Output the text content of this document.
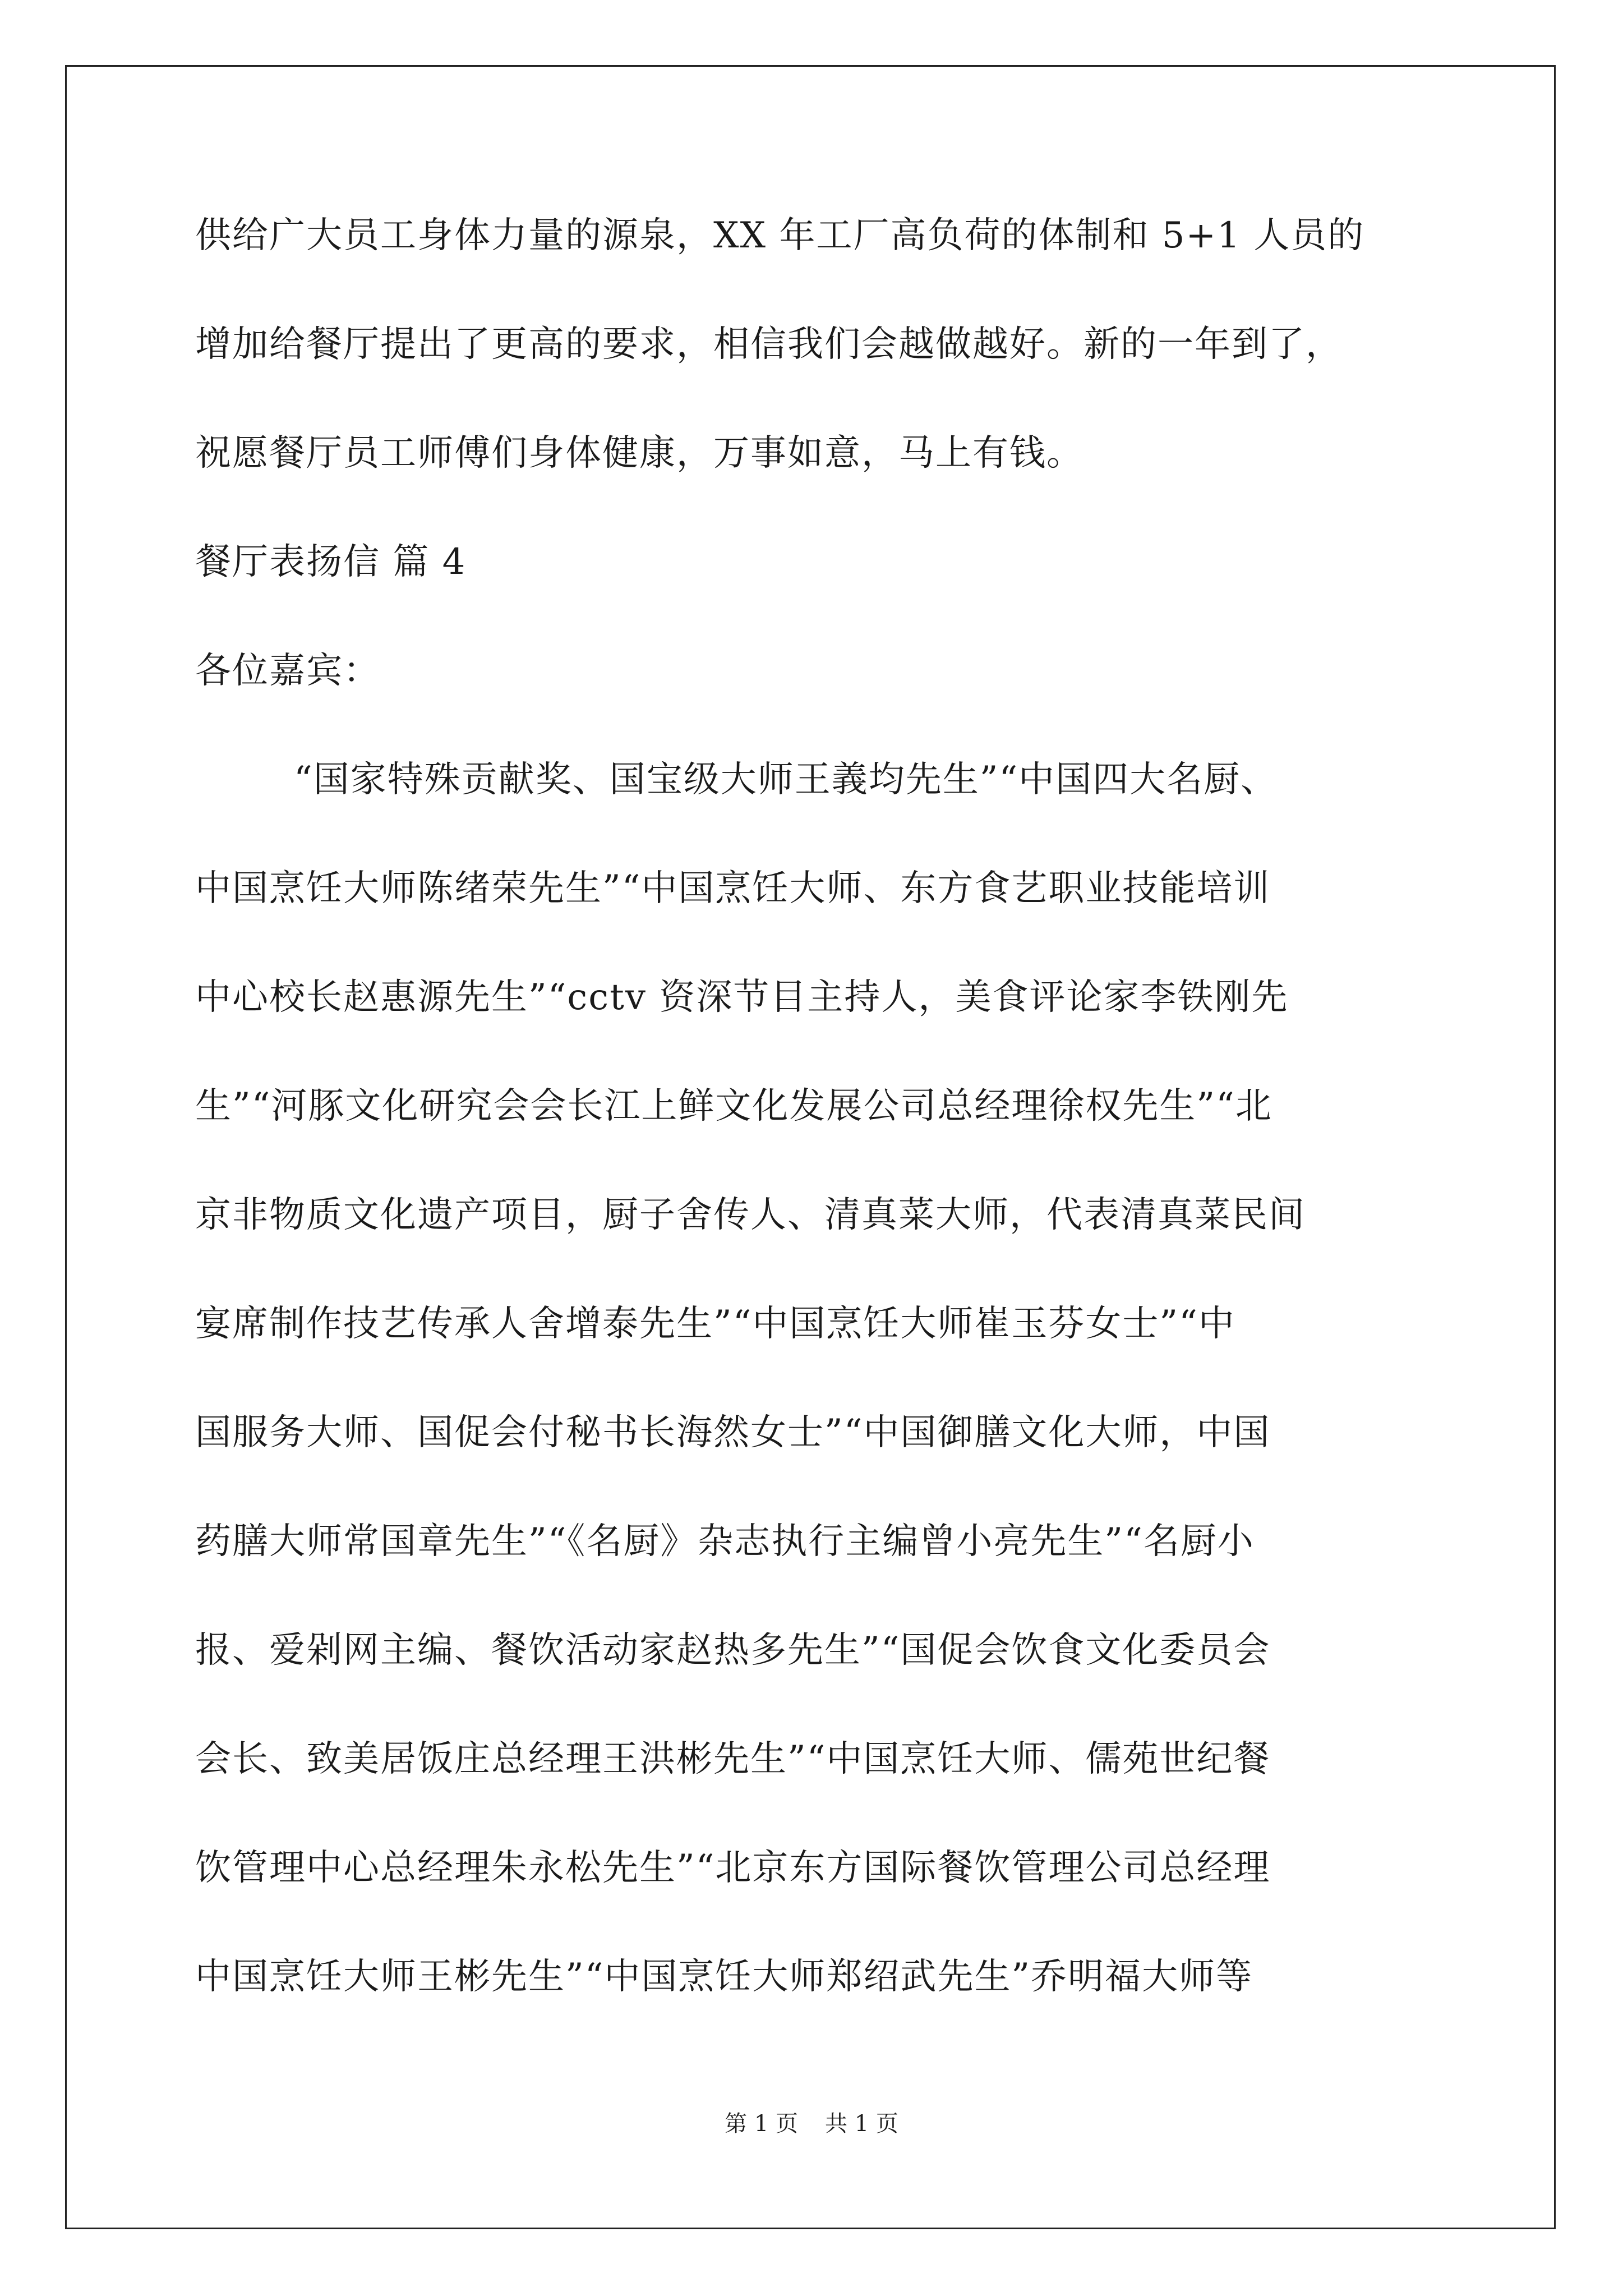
供给广大员工身体力量的源泉，XX 年工厂高负荷的体制和 5+1 人员的
增加给餐厅提出了更高的要求，相信我们会越做越好。新的一年到了，
祝愿餐厅员工师傅们身体健康，万事如意，马上有钱。
餐厅表扬信 篇 4
各位嘉宾：
“国家特殊贡献奖、国宝级大师王義均先生”“中国四大名厨、
中国烹饪大师陈绪荣先生”“中国烹饪大师、东方食艺职业技能培训
中心校长赵惠源先生”“cctv 资深节目主持人，美食评论家李铁刚先
生”“河豚文化研究会会长江上鲜文化发展公司总经理徐权先生”“北
京非物质文化遗产项目，厨子舍传人、清真菜大师，代表清真菜民间
宴席制作技艺传承人舍增泰先生”“中国烹饪大师崔玉芬女士”“中
国服务大师、国促会付秘书长海然女士”“中国御膳文化大师，中国
药膳大师常国章先生”“《名厨》杂志执行主编曾小亮先生”“名厨小
报、爱剁网主编、餐饮活动家赵热多先生”“国促会饮食文化委员会
会长、致美居饭庄总经理王洪彬先生”“中国烹饪大师、儒苑世纪餐
饮管理中心总经理朱永松先生”“北京东方国际餐饮管理公司总经理
中国烹饪大师王彬先生”“中国烹饪大师郑绍武先生”乔明福大师等
第 1 页 共 1 页
